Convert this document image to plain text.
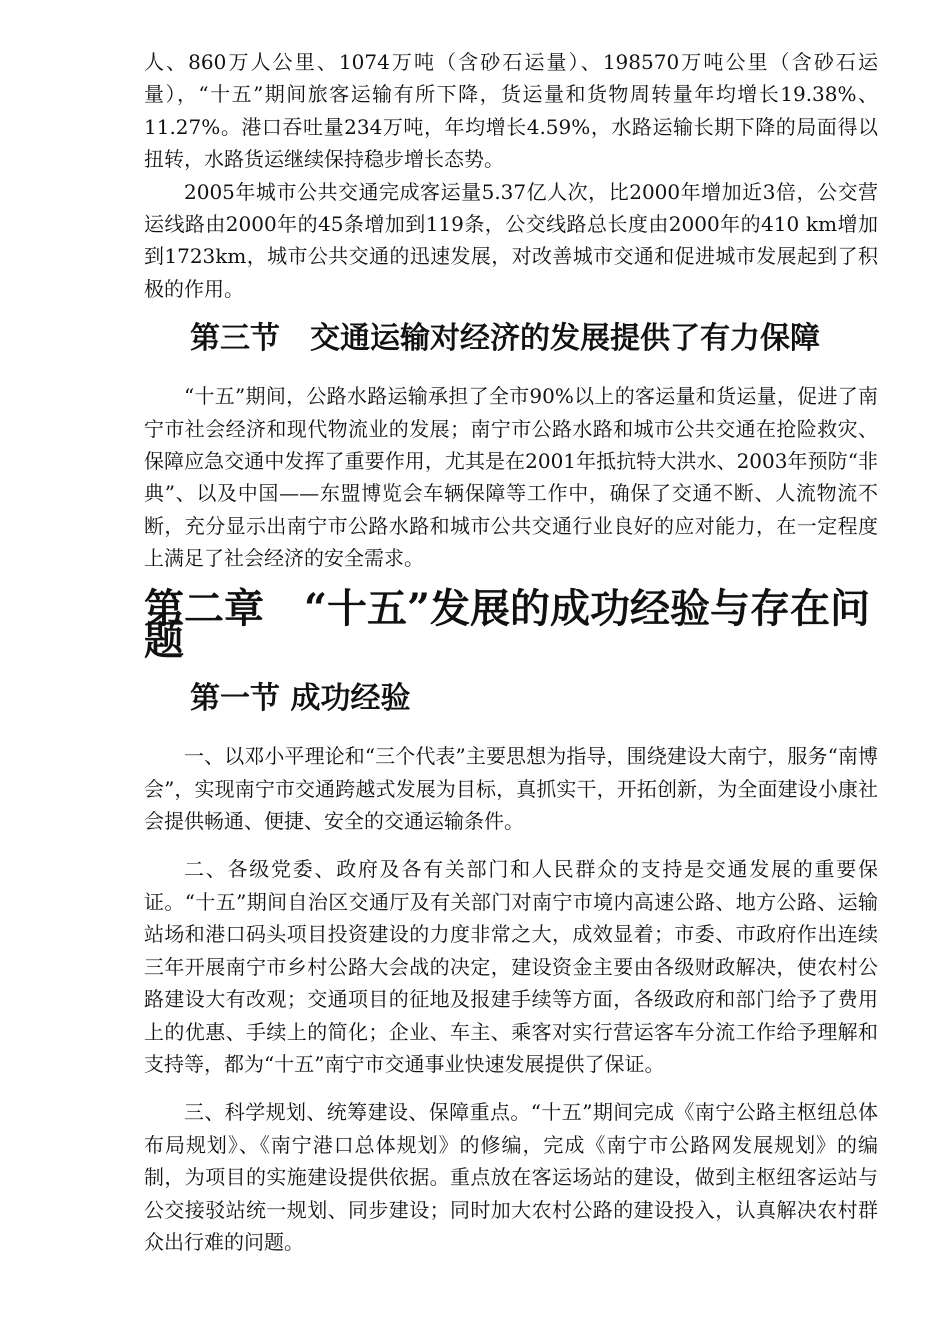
人、860万人公里、1074万吨（含砂石运量）、198570万吨公里（含砂石运量），“十五”期间旅客运输有所下降，货运量和货物周转量年均增长19.38%、11.27%。港口吞吐量234万吨，年均增长4.59%，水路运输长期下降的局面得以扭转，水路货运继续保持稳步增长态势。

2005年城市公共交通完成客运量5.37亿人次，比2000年增加近3倍，公交营运线路由2000年的45条增加到119条，公交线路总长度由2000年的410 km增加到1723km，城市公共交通的迅速发展，对改善城市交通和促进城市发展起到了积极的作用。

第三节　交通运输对经济的发展提供了有力保障

“十五”期间，公路水路运输承担了全市90%以上的客运量和货运量，促进了南宁市社会经济和现代物流业的发展；南宁市公路水路和城市公共交通在抢险救灾、保障应急交通中发挥了重要作用，尤其是在2001年抵抗特大洪水、2003年预防“非典”、以及中国——东盟博览会车辆保障等工作中，确保了交通不断、人流物流不断，充分显示出南宁市公路水路和城市公共交通行业良好的应对能力，在一定程度上满足了社会经济的安全需求。

第二章　“十五”发展的成功经验与存在问题
第一节 成功经验

一、以邓小平理论和“三个代表”主要思想为指导，围绕建设大南宁，服务“南博会”，实现南宁市交通跨越式发展为目标，真抓实干，开拓创新，为全面建设小康社会提供畅通、便捷、安全的交通运输条件。

二、各级党委、政府及各有关部门和人民群众的支持是交通发展的重要保证。“十五”期间自治区交通厅及有关部门对南宁市境内高速公路、地方公路、运输站场和港口码头项目投资建设的力度非常之大，成效显着；市委、市政府作出连续三年开展南宁市乡村公路大会战的决定，建设资金主要由各级财政解决，使农村公路建设大有改观；交通项目的征地及报建手续等方面，各级政府和部门给予了费用上的优惠、手续上的简化；企业、车主、乘客对实行营运客车分流工作给予理解和支持等，都为“十五”南宁市交通事业快速发展提供了保证。

三、科学规划、统筹建设、保障重点。“十五”期间完成《南宁公路主枢纽总体布局规划》、《南宁港口总体规划》的修编，完成《南宁市公路网发展规划》的编制，为项目的实施建设提供依据。重点放在客运场站的建设，做到主枢纽客运站与公交接驳站统一规划、同步建设；同时加大农村公路的建设投入，认真解决农村群众出行难的问题。
